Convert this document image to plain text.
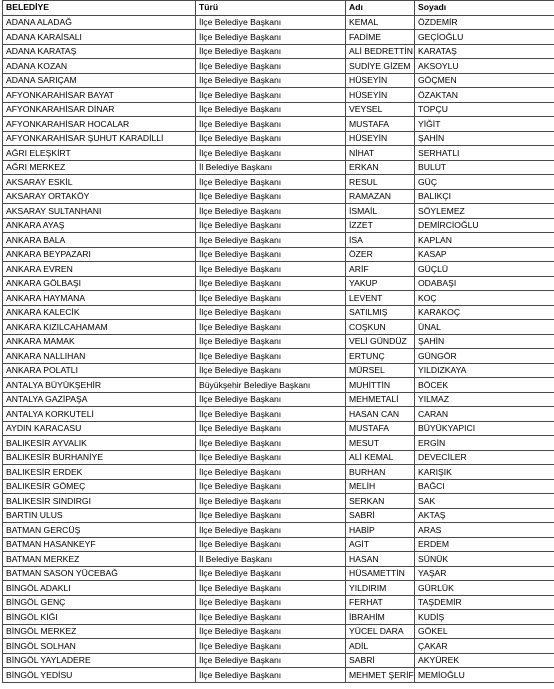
BELEDİYE	Türü	Adı	Soyadı
ADANA ALADAĞ	İlçe Belediye Başkanı	KEMAL	ÖZDEMİR
ADANA KARAİSALI	İlçe Belediye Başkanı	FADİME	GEÇİOĞLU
ADANA KARATAŞ	İlçe Belediye Başkanı	ALİ BEDRETTİN	KARATAŞ
ADANA KOZAN	İlçe Belediye Başkanı	SUDİYE GİZEM	AKSOYLU
ADANA SARIÇAM	İlçe Belediye Başkanı	HÜSEYİN	GÖÇMEN
AFYONKARAHİSAR BAYAT	İlçe Belediye Başkanı	HÜSEYİN	ÖZAKTAN
AFYONKARAHİSAR DİNAR	İlçe Belediye Başkanı	VEYSEL	TOPÇU
AFYONKARAHİSAR HOCALAR	İlçe Belediye Başkanı	MUSTAFA	YİĞİT
AFYONKARAHİSAR ŞUHUT KARADİLLİ	İlçe Belediye Başkanı	HÜSEYİN	ŞAHİN
AĞRI ELEŞKİRT	İlçe Belediye Başkanı	NİHAT	SERHATLI
AĞRI MERKEZ	İl Belediye Başkanı	ERKAN	BULUT
AKSARAY ESKİL	İlçe Belediye Başkanı	RESUL	GÜÇ
AKSARAY ORTAKÖY	İlçe Belediye Başkanı	RAMAZAN	BALIKÇI
AKSARAY SULTANHANI	İlçe Belediye Başkanı	İSMAİL	SÖYLEMEZ
ANKARA AYAŞ	İlçe Belediye Başkanı	İZZET	DEMİRCİOĞLU
ANKARA BALA	İlçe Belediye Başkanı	İSA	KAPLAN
ANKARA BEYPAZARI	İlçe Belediye Başkanı	ÖZER	KASAP
ANKARA EVREN	İlçe Belediye Başkanı	ARİF	GÜÇLÜ
ANKARA GÖLBAŞI	İlçe Belediye Başkanı	YAKUP	ODABAŞI
ANKARA HAYMANA	İlçe Belediye Başkanı	LEVENT	KOÇ
ANKARA KALECİK	İlçe Belediye Başkanı	SATILMIŞ	KARAKOÇ
ANKARA KIZILCAHAMAM	İlçe Belediye Başkanı	COŞKUN	ÜNAL
ANKARA MAMAK	İlçe Belediye Başkanı	VELİ GÜNDÜZ	ŞAHİN
ANKARA NALLIHAN	İlçe Belediye Başkanı	ERTUNÇ	GÜNGÖR
ANKARA POLATLI	İlçe Belediye Başkanı	MÜRSEL	YILDIZKAYA
ANTALYA BÜYÜKŞEHİR	Büyükşehir Belediye Başkanı	MUHİTTİN	BÖCEK
ANTALYA GAZİPAŞA	İlçe Belediye Başkanı	MEHMETALİ	YILMAZ
ANTALYA KORKUTELİ	İlçe Belediye Başkanı	HASAN CAN	CARAN
AYDIN KARACASU	İlçe Belediye Başkanı	MUSTAFA	BÜYÜKYAPICI
BALIKESİR AYVALIK	İlçe Belediye Başkanı	MESUT	ERGİN
BALIKESİR BURHANİYE	İlçe Belediye Başkanı	ALİ KEMAL	DEVECİLER
BALIKESİR ERDEK	İlçe Belediye Başkanı	BURHAN	KARIŞIK
BALIKESİR GÖMEÇ	İlçe Belediye Başkanı	MELİH	BAĞCI
BALIKESİR SINDIRGI	İlçe Belediye Başkanı	SERKAN	SAK
BARTIN ULUS	İlçe Belediye Başkanı	SABRİ	AKTAŞ
BATMAN GERCÜŞ	İlçe Belediye Başkanı	HABİP	ARAS
BATMAN HASANKEYF	İlçe Belediye Başkanı	AGİT	ERDEM
BATMAN MERKEZ	İl Belediye Başkanı	HASAN	SÜNÜK
BATMAN SASON YÜCEBAĞ	İlçe Belediye Başkanı	HÜSAMETTİN	YAŞAR
BİNGÖL ADAKLI	İlçe Belediye Başkanı	YILDIRIM	GÜRLÜK
BİNGÖL GENÇ	İlçe Belediye Başkanı	FERHAT	TAŞDEMİR
BİNGÖL KİĞI	İlçe Belediye Başkanı	İBRAHİM	KUDİŞ
BİNGÖL MERKEZ	İlçe Belediye Başkanı	YÜCEL DARA	GÖKEL
BİNGÖL SOLHAN	İlçe Belediye Başkanı	ADİL	ÇAKAR
BİNGÖL YAYLADERE	İlçe Belediye Başkanı	SABRİ	AKYÜREK
BİNGÖL YEDİSU	İlçe Belediye Başkanı	MEHMET ŞERİF	MEMİOĞLU
